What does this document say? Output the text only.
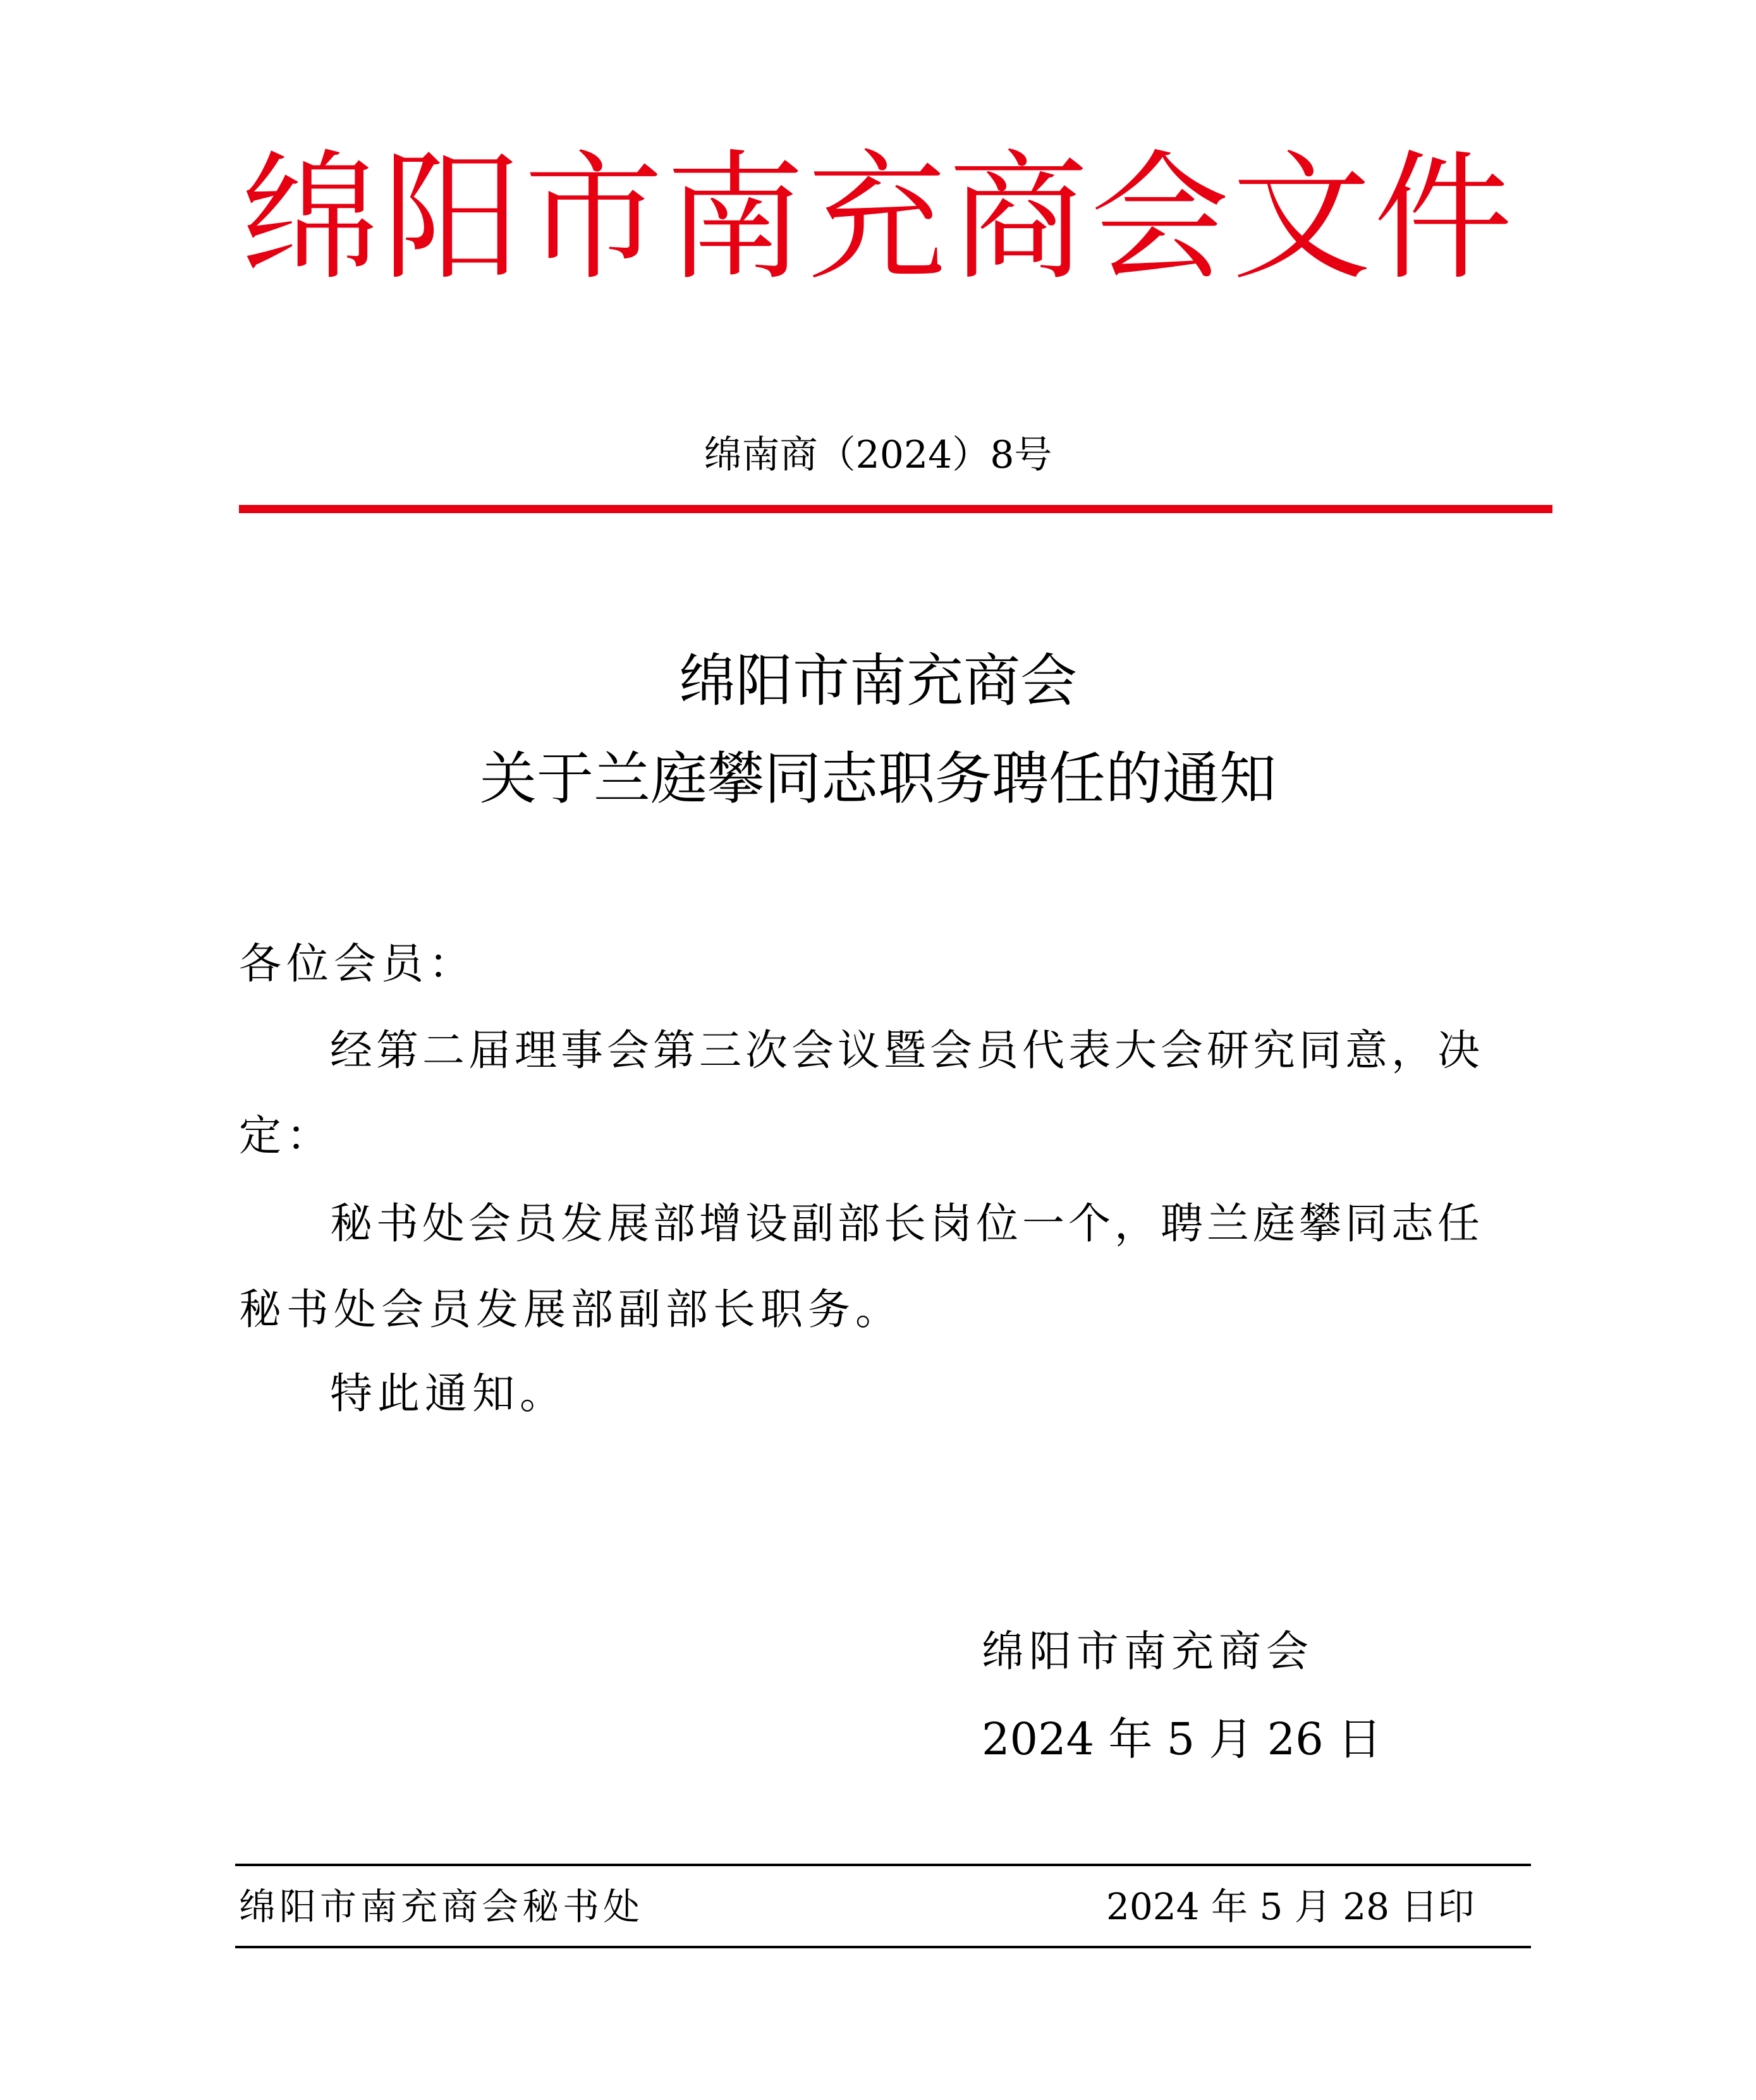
绵阳市南充商会文件
绵南商（2024）8号
绵阳市南充商会
关于兰庭攀同志职务聘任的通知
各位会员：
经第二届理事会第三次会议暨会员代表大会研究同意，决
定：
秘书处会员发展部增设副部长岗位一个，聘兰庭攀同志任
秘书处会员发展部副部长职务。
特此通知。
绵阳市南充商会
2024 年 5 月 26 日
绵阳市南充商会秘书处	2024 年 5 月 28 日印
